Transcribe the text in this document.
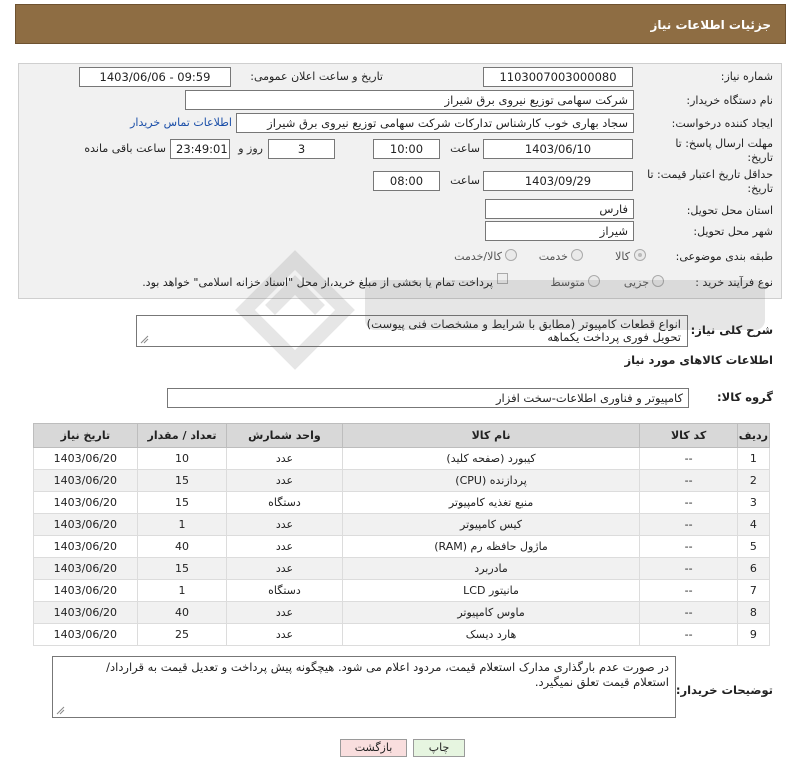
جزئیات اطلاعات نیاز
شماره نیاز:
1103007003000080
تاریخ و ساعت اعلان عمومی:
1403/06/06 - 09:59
نام دستگاه خریدار:
شرکت سهامی توزیع نیروی برق شیراز
ایجاد کننده درخواست:
سجاد بهاری خوب کارشناس تدارکات شرکت سهامی توزیع نیروی برق شیراز
اطلاعات تماس خریدار
مهلت ارسال پاسخ: تا تاریخ:
1403/06/10
ساعت
10:00
3
روز و
23:49:01
ساعت باقی مانده
حداقل تاریخ اعتبار قیمت: تا تاریخ:
1403/09/29
ساعت
08:00
استان محل تحویل:
فارس
شهر محل تحویل:
شیراز
طبقه بندی موضوعی:
کالا
خدمت
کالا/خدمت
نوع فرآیند خرید :
جزیی
متوسط
پرداخت تمام یا بخشی از مبلغ خرید،از محل "اسناد خزانه اسلامی" خواهد بود.
شرح کلی نیاز:
انواع قطعات کامپیوتر (مطابق با شرایط و مشخصات فنی پیوست)
تحویل فوری پرداخت یکماهه
اطلاعات کالاهای مورد نیاز
گروه کالا:
کامپیوتر و فناوری اطلاعات-سخت افزار
ردیف	کد کالا	نام کالا	واحد شمارش	تعداد / مقدار	تاریخ نیاز
1	--	کیبورد (صفحه کلید)	عدد	10	1403/06/20
2	--	پردازنده (CPU)	عدد	15	1403/06/20
3	--	منبع تغذیه کامپیوتر	دستگاه	15	1403/06/20
4	--	کیس کامپیوتر	عدد	1	1403/06/20
5	--	ماژول حافظه رم (RAM)	عدد	40	1403/06/20
6	--	مادربرد	عدد	15	1403/06/20
7	--	مانیتور LCD	دستگاه	1	1403/06/20
8	--	ماوس کامپیوتر	عدد	40	1403/06/20
9	--	هارد دیسک	عدد	25	1403/06/20
توضیحات خریدار:
در صورت عدم بارگذاری مدارک استعلام قیمت، مردود اعلام می شود. هیچگونه پیش پرداخت و تعدیل قیمت به قرارداد/
استعلام قیمت تعلق نمیگیرد.
چاپ
بازگشت
